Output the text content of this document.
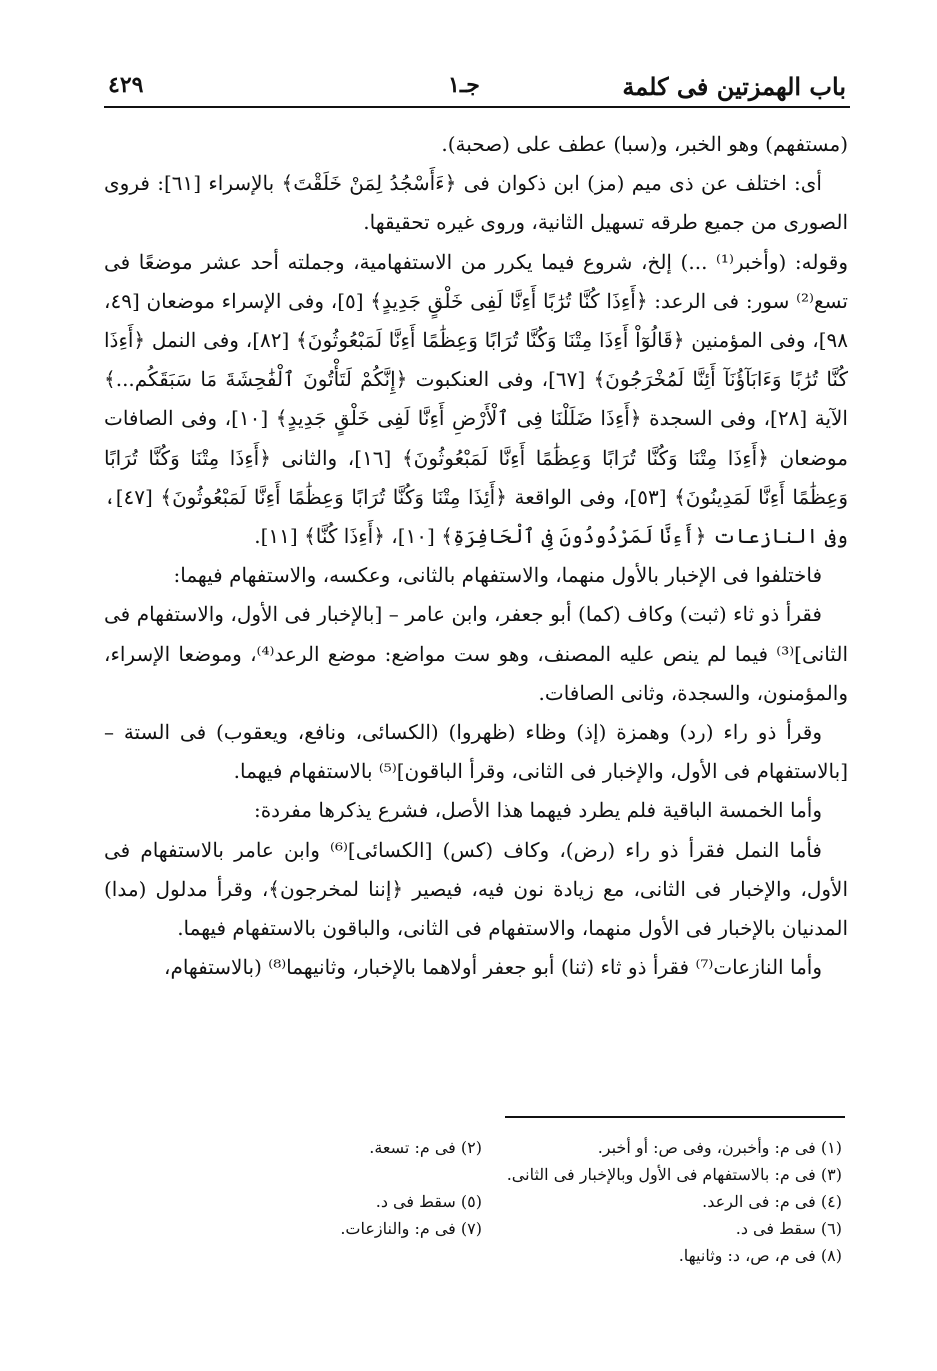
باب الهمزتين فى كلمة
جـ١
٤٢٩

(مستفهم) وهو الخبر، و(سبا) عطف على (صحبة).

أى: اختلف عن ذى ميم (مز) ابن ذكوان فى ﴿ءَأَسْجُدُ لِمَنْ خَلَقْتَ﴾ بالإسراء [٦١]: فروى الصورى من جميع طرقه تسهيل الثانية، وروى غيره تحقيقها.

وقوله: (وأخبر⁽¹⁾ ...) إلخ، شروع فيما يكرر من الاستفهامية، وجملته أحد عشر موضعًا فى تسع⁽²⁾ سور: فى الرعد: ﴿أَءِذَا كُنَّا تُرَٰبًا أَءِنَّا لَفِى خَلْقٍ جَدِيدٍ﴾ [٥]، وفى الإسراء موضعان [٤٩، ٩٨]، وفى المؤمنين ﴿قَالُوٓاْ أَءِذَا مِتْنَا وَكُنَّا تُرَابًا وَعِظَٰمًا أَءِنَّا لَمَبْعُوثُونَ﴾ [٨٢]، وفى النمل ﴿أَءِذَا كُنَّا تُرَٰبًا وَءَابَآؤُنَآ أَئِنَّا لَمُخْرَجُونَ﴾ [٦٧]، وفى العنكبوت ﴿إِنَّكُمْ لَتَأْتُونَ ٱلْفَٰحِشَةَ مَا سَبَقَكُم...﴾ الآية [٢٨]، وفى السجدة ﴿أَءِذَا ضَلَلْنَا فِى ٱلْأَرْضِ أَءِنَّا لَفِى خَلْقٍ جَدِيدٍ﴾ [١٠]، وفى الصافات موضعان ﴿أَءِذَا مِتْنَا وَكُنَّا تُرَابًا وَعِظَٰمًا أَءِنَّا لَمَبْعُوثُونَ﴾ [١٦]، والثانى ﴿أَءِذَا مِتْنَا وَكُنَّا تُرَابًا وَعِظَٰمًا أَءِنَّا لَمَدِينُونَ﴾ [٥٣]، وفى الواقعة ﴿أَئِذَا مِتْنَا وَكُنَّا تُرَابًا وَعِظَٰمًا أَءِنَّا لَمَبْعُوثُونَ﴾ [٤٧]، وفى النازعات ﴿أَءِنَّا لَمَرْدُودُونَ فِى ٱلْحَافِرَةِ﴾ [١٠]، ﴿أَءِذَا كُنَّا﴾ [١١].

فاختلفوا فى الإخبار بالأول منهما، والاستفهام بالثانى، وعكسه، والاستفهام فيهما:

فقرأ ذو ثاء (ثبت) وكاف (كما) أبو جعفر، وابن عامر – [بالإخبار فى الأول، والاستفهام فى الثانى]⁽³⁾ فيما لم ينص عليه المصنف، وهو ست مواضع: موضع الرعد⁽⁴⁾، وموضعا الإسراء، والمؤمنون، والسجدة، وثانى الصافات.

وقرأ ذو راء (رد) وهمزة (إذ) وظاء (ظهروا) (الكسائى، ونافع، ويعقوب) فى الستة – [بالاستفهام فى الأول، والإخبار فى الثانى، وقرأ الباقون]⁽⁵⁾ بالاستفهام فيهما.

وأما الخمسة الباقية فلم يطرد فيهما هذا الأصل، فشرع يذكرها مفردة:

فأما النمل فقرأ ذو راء (رض)، وكاف (كس) [الكسائى]⁽⁶⁾ وابن عامر بالاستفهام فى الأول، والإخبار فى الثانى، مع زيادة نون فيه، فيصير ﴿إننا لمخرجون﴾، وقرأ مدلول (مدا) المدنيان بالإخبار فى الأول منهما، والاستفهام فى الثانى، والباقون بالاستفهام فيهما.

وأما النازعات⁽⁷⁾ فقرأ ذو ثاء (ثنا) أبو جعفر أولاهما بالإخبار، وثانيهما⁽⁸⁾ (بالاستفهام،

(١) فى م: وأخبرن، وفى ص: أو أخبر.
(٢) فى م: تسعة.
(٣) فى م: بالاستفهام فى الأول وبالإخبار فى الثانى.
(٤) فى م: فى الرعد.
(٥) سقط فى د.
(٦) سقط فى د.
(٧) فى م: والنازعات.
(٨) فى م، ص، د: وثانيها.
